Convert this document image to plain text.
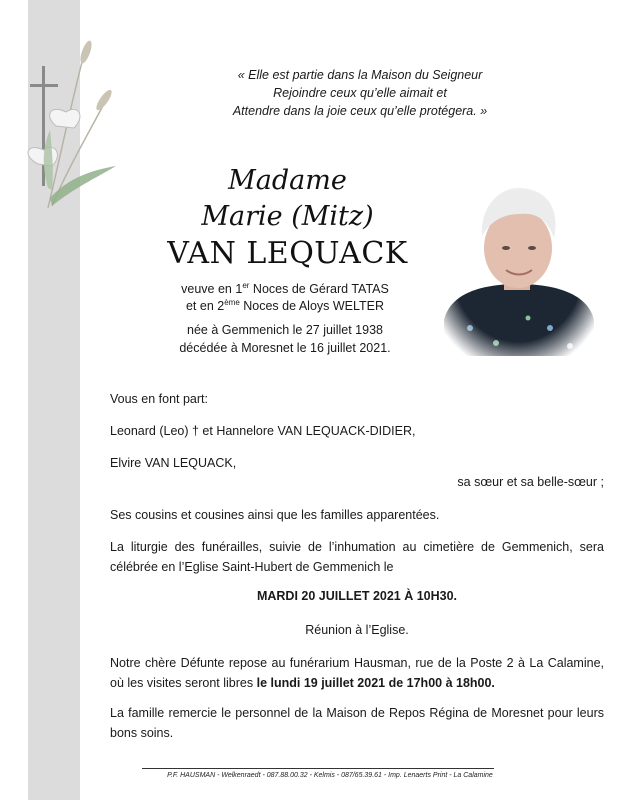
« Elle est partie dans la Maison du Seigneur
Rejoindre ceux qu’elle aimait et
Attendre dans la joie ceux qu’elle protégera. »
Madame
Marie (Mitz)
VAN LEQUACK
veuve en 1er Noces de Gérard TATAS
et en 2ème Noces de Aloys WELTER
née à Gemmenich le 27 juillet 1938
décédée à Moresnet le 16 juillet 2021.
Vous en font part:
Leonard (Leo) † et Hannelore VAN LEQUACK-DIDIER,
Elvire VAN LEQUACK,
sa sœur et sa belle-sœur ;
Ses cousins et cousines ainsi que les familles apparentées.
La liturgie des funérailles, suivie de l’inhumation au cimetière de Gemmenich, sera célébrée en l’Eglise Saint-Hubert de Gemmenich le
MARDI 20 JUILLET 2021 À 10H30.
Réunion à l’Eglise.
Notre chère Défunte repose au funérarium Hausman, rue de la Poste 2 à La Calamine, où les visites seront libres le lundi 19 juillet 2021 de 17h00 à 18h00.
La famille remercie le personnel de la Maison de Repos Régina de Moresnet pour leurs bons soins.
P.F. HAUSMAN - Welkenraedt - 087.88.00.32 - Kelmis - 087/65.39.61 - Imp. Lenaerts Print - La Calamine
